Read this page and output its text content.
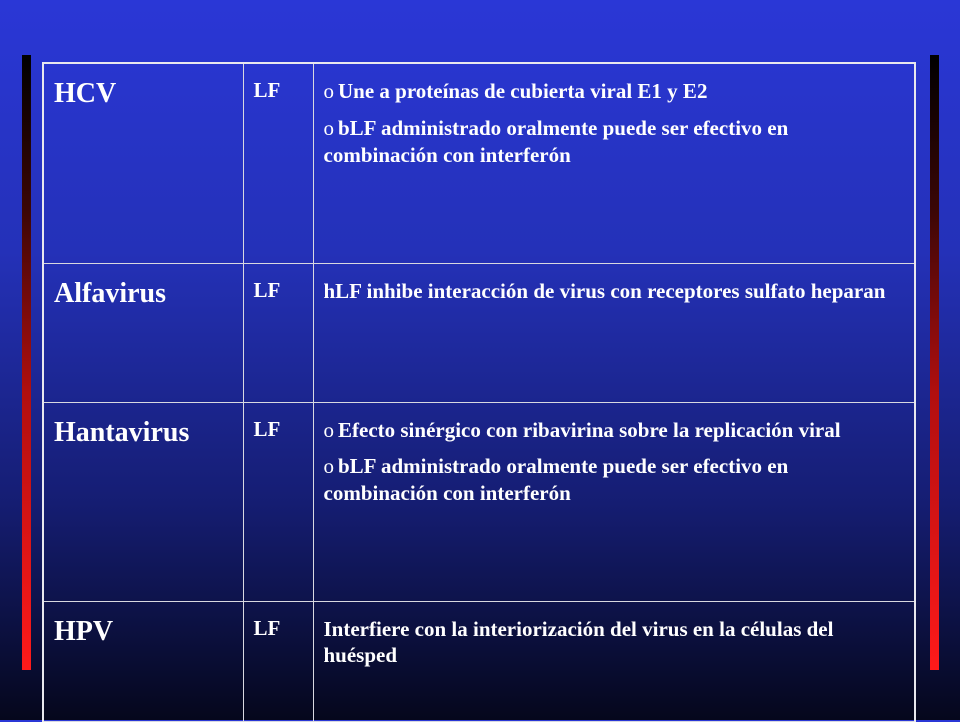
HCV	LF	o Une a proteínas de cubierta viral E1 y E2
o bLF administrado oralmente puede ser efectivo en combinación con interferón

Alfavirus	LF	hLF inhibe interacción de virus con receptores sulfato heparan

Hantavirus	LF	o Efecto sinérgico con ribavirina sobre la replicación viral
o bLF administrado oralmente puede ser efectivo en combinación con interferón

HPV	LF	Interfiere con la interiorización del virus en la células del huésped
